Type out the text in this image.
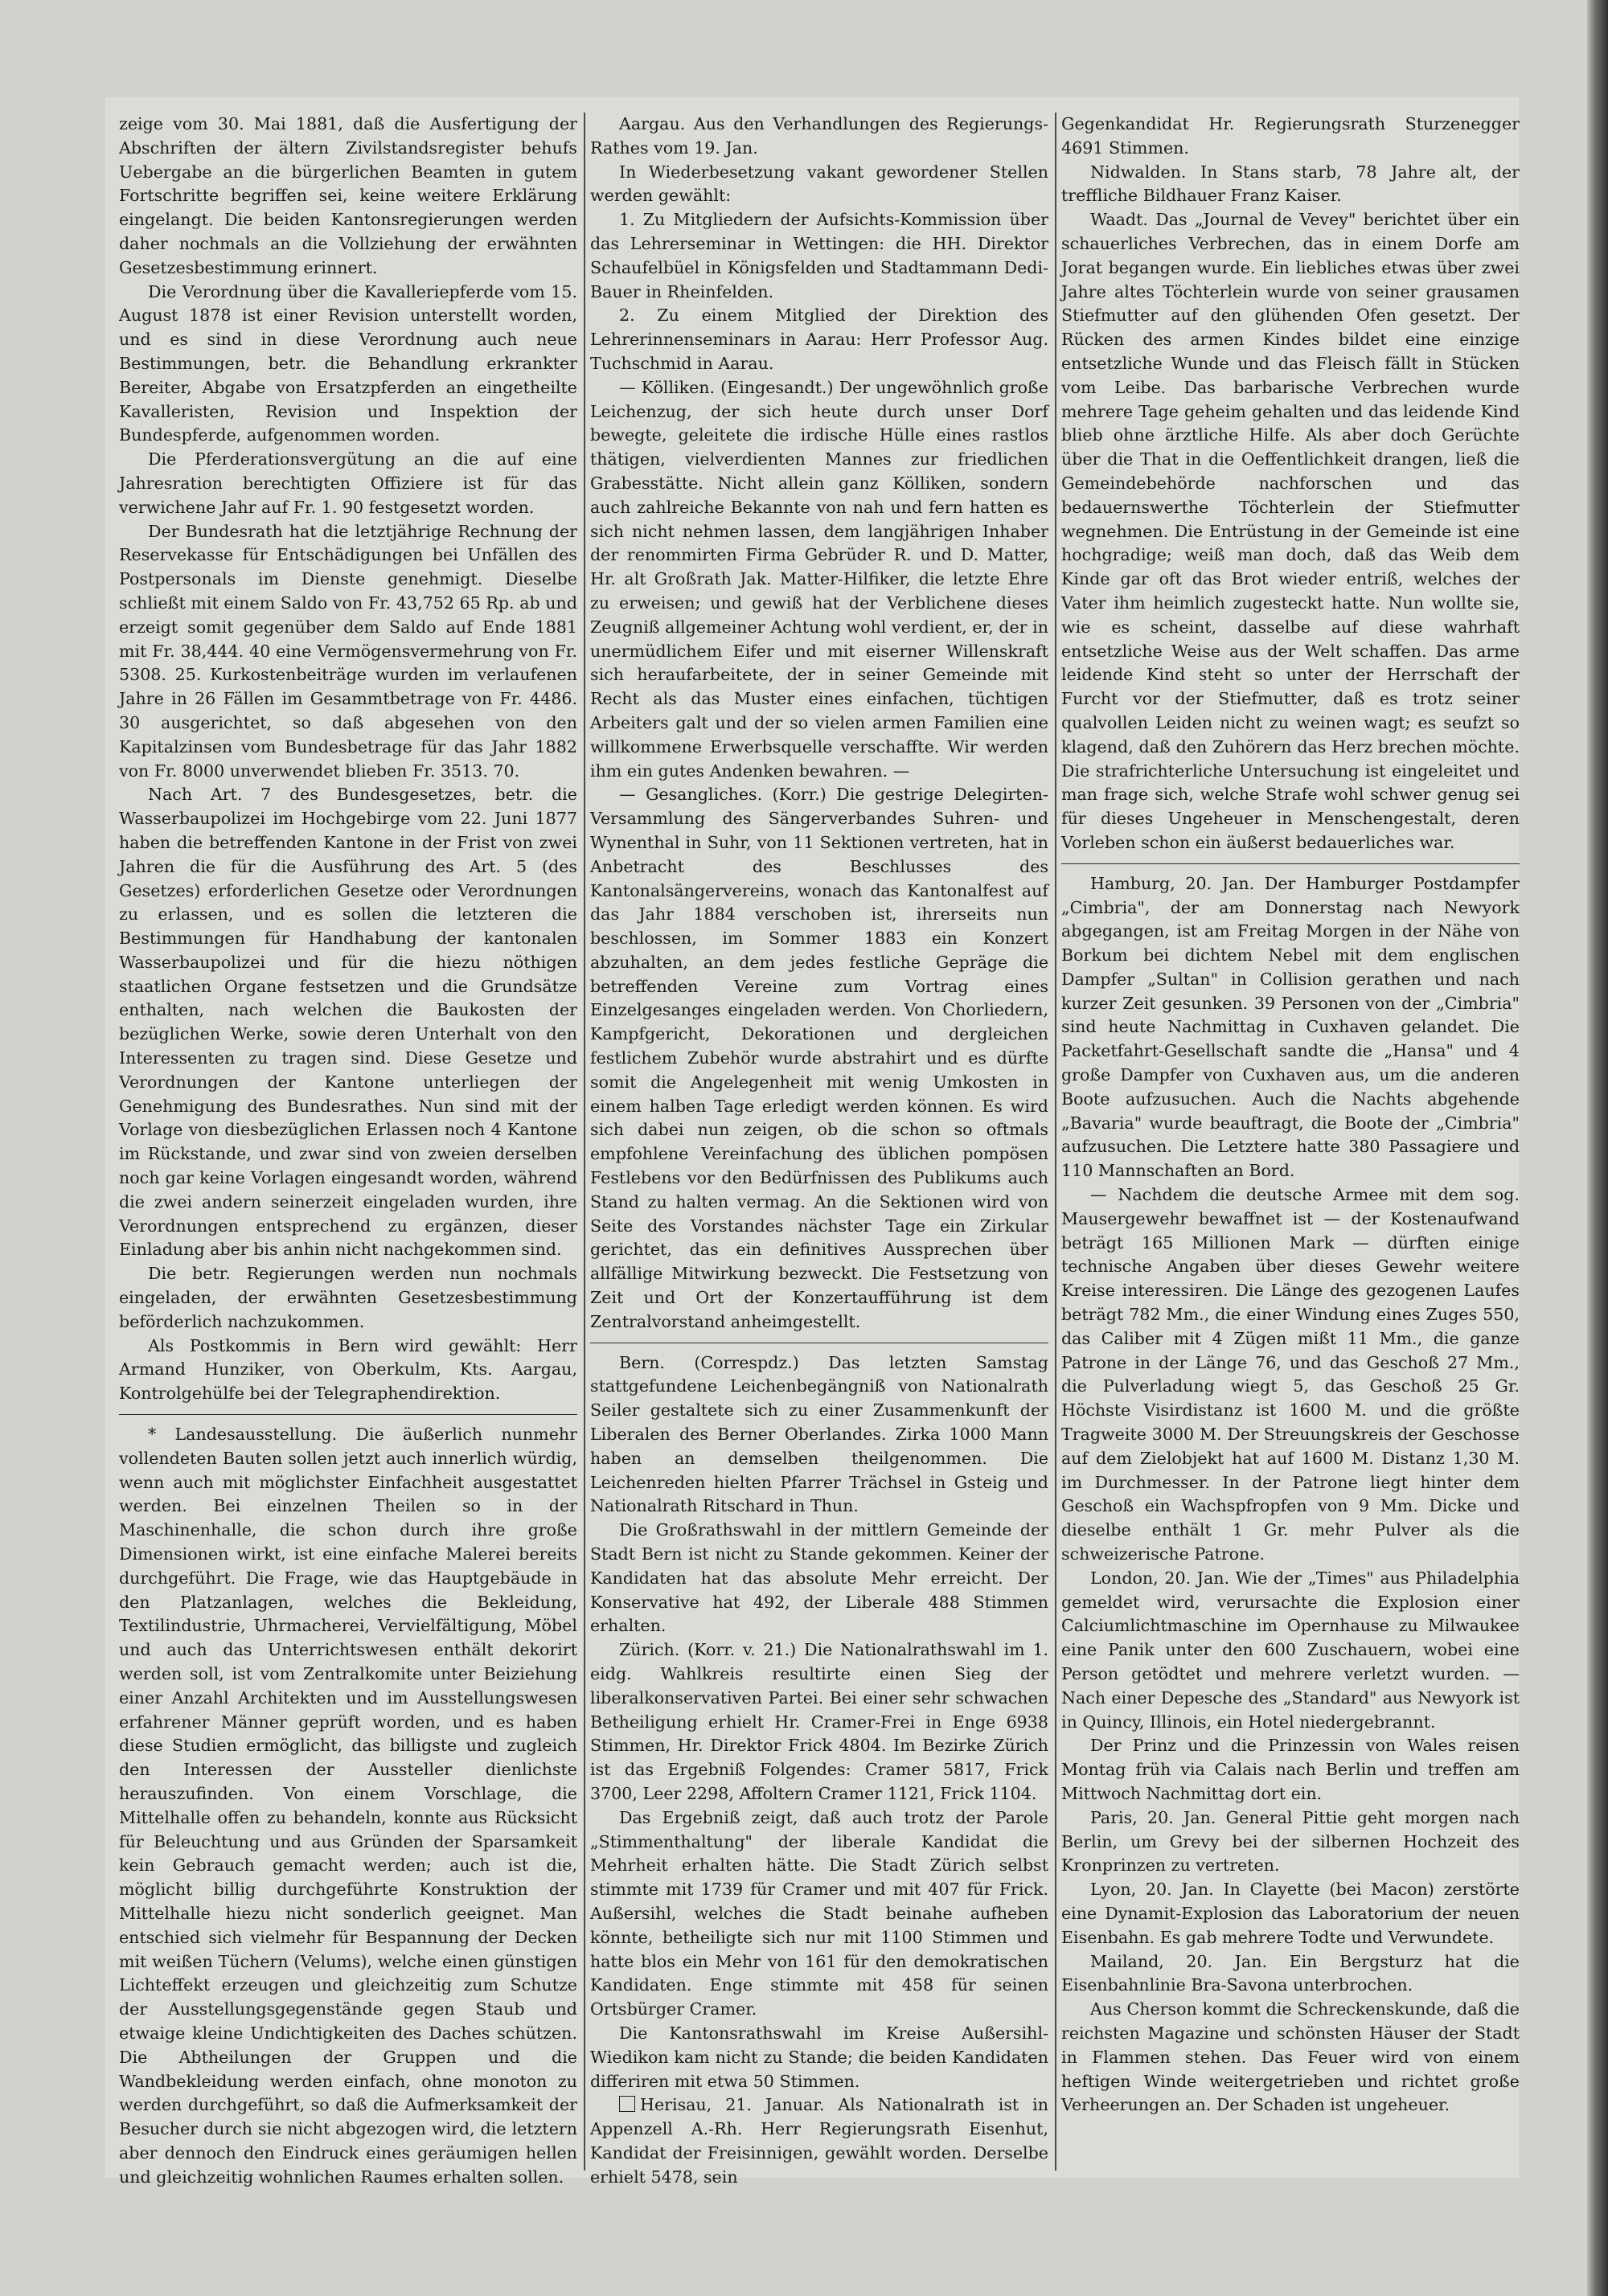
zeige vom 30. Mai 1881, daß die Ausfertigung der Abschriften der ältern Zivilstandsregister behufs Uebergabe an die bürgerlichen Beamten in gutem Fortschritte begriffen sei, keine weitere Erklärung eingelangt. Die beiden Kantonsregierungen werden daher nochmals an die Vollziehung der erwähnten Gesetzesbestimmung erinnert.

Die Verordnung über die Kavalleriepferde vom 15. August 1878 ist einer Revision unterstellt worden, und es sind in diese Verordnung auch neue Bestimmungen, betr. die Behandlung erkrankter Bereiter, Abgabe von Ersatzpferden an eingetheilte Kavalleristen, Revision und Inspektion der Bundespferde, aufgenommen worden.

Die Pferderationsvergütung an die auf eine Jahresration berechtigten Offiziere ist für das verwichene Jahr auf Fr. 1. 90 festgesetzt worden.

Der Bundesrath hat die letztjährige Rechnung der Reservekasse für Entschädigungen bei Unfällen des Postpersonals im Dienste genehmigt. Dieselbe schließt mit einem Saldo von Fr. 43,752 65 Rp. ab und erzeigt somit gegenüber dem Saldo auf Ende 1881 mit Fr. 38,444. 40 eine Vermögensvermehrung von Fr. 5308. 25. Kurkostenbeiträge wurden im verlaufenen Jahre in 26 Fällen im Gesammtbetrage von Fr. 4486. 30 ausgerichtet, so daß abgesehen von den Kapitalzinsen vom Bundesbetrage für das Jahr 1882 von Fr. 8000 unverwendet blieben Fr. 3513. 70.

Nach Art. 7 des Bundesgesetzes, betr. die Wasserbaupolizei im Hochgebirge vom 22. Juni 1877 haben die betreffenden Kantone in der Frist von zwei Jahren die für die Ausführung des Art. 5 (des Gesetzes) erforderlichen Gesetze oder Verordnungen zu erlassen, und es sollen die letzteren die Bestimmungen für Handhabung der kantonalen Wasserbaupolizei und für die hiezu nöthigen staatlichen Organe festsetzen und die Grundsätze enthalten, nach welchen die Baukosten der bezüglichen Werke, sowie deren Unterhalt von den Interessenten zu tragen sind. Diese Gesetze und Verordnungen der Kantone unterliegen der Genehmigung des Bundesrathes. Nun sind mit der Vorlage von diesbezüglichen Erlassen noch 4 Kantone im Rückstande, und zwar sind von zweien derselben noch gar keine Vorlagen eingesandt worden, während die zwei andern seinerzeit eingeladen wurden, ihre Verordnungen entsprechend zu ergänzen, dieser Einladung aber bis anhin nicht nachgekommen sind.

Die betr. Regierungen werden nun nochmals eingeladen, der erwähnten Gesetzesbestimmung beförderlich nachzukommen.

Als Postkommis in Bern wird gewählt: Herr Armand Hunziker, von Oberkulm, Kts. Aargau, Kontrolgehülfe bei der Telegraphendirektion.

* Landesausstellung. Die äußerlich nunmehr vollendeten Bauten sollen jetzt auch innerlich würdig, wenn auch mit möglichster Einfachheit ausgestattet werden. Bei einzelnen Theilen so in der Maschinenhalle, die schon durch ihre große Dimensionen wirkt, ist eine einfache Malerei bereits durchgeführt. Die Frage, wie das Hauptgebäude in den Platzanlagen, welches die Bekleidung, Textilindustrie, Uhrmacherei, Vervielfältigung, Möbel und auch das Unterrichtswesen enthält dekorirt werden soll, ist vom Zentralkomite unter Beiziehung einer Anzahl Architekten und im Ausstellungswesen erfahrener Männer geprüft worden, und es haben diese Studien ermöglicht, das billigste und zugleich den Interessen der Aussteller dienlichste herauszufinden. Von einem Vorschlage, die Mittelhalle offen zu behandeln, konnte aus Rücksicht für Beleuchtung und aus Gründen der Sparsamkeit kein Gebrauch gemacht werden; auch ist die, möglicht billig durchgeführte Konstruktion der Mittelhalle hiezu nicht sonderlich geeignet. Man entschied sich vielmehr für Bespannung der Decken mit weißen Tüchern (Velums), welche einen günstigen Lichteffekt erzeugen und gleichzeitig zum Schutze der Ausstellungsgegenstände gegen Staub und etwaige kleine Undichtigkeiten des Daches schützen. Die Abtheilungen der Gruppen und die Wandbekleidung werden einfach, ohne monoton zu werden durchgeführt, so daß die Aufmerksamkeit der Besucher durch sie nicht abgezogen wird, die letztern aber dennoch den Eindruck eines geräumigen hellen und gleichzeitig wohnlichen Raumes erhalten sollen.

Aargau. Aus den Verhandlungen des Regierungs-Rathes vom 19. Jan.

In Wiederbesetzung vakant gewordener Stellen werden gewählt:

1. Zu Mitgliedern der Aufsichts-Kommission über das Lehrerseminar in Wettingen: die HH. Direktor Schaufelbüel in Königsfelden und Stadtammann Dedi-Bauer in Rheinfelden.

2. Zu einem Mitglied der Direktion des Lehrerinnenseminars in Aarau: Herr Professor Aug. Tuchschmid in Aarau.

— Kölliken. (Eingesandt.) Der ungewöhnlich große Leichenzug, der sich heute durch unser Dorf bewegte, geleitete die irdische Hülle eines rastlos thätigen, vielverdienten Mannes zur friedlichen Grabesstätte. Nicht allein ganz Kölliken, sondern auch zahlreiche Bekannte von nah und fern hatten es sich nicht nehmen lassen, dem langjährigen Inhaber der renommirten Firma Gebrüder R. und D. Matter, Hr. alt Großrath Jak. Matter-Hilfiker, die letzte Ehre zu erweisen; und gewiß hat der Verblichene dieses Zeugniß allgemeiner Achtung wohl verdient, er, der in unermüdlichem Eifer und mit eiserner Willenskraft sich heraufarbeitete, der in seiner Gemeinde mit Recht als das Muster eines einfachen, tüchtigen Arbeiters galt und der so vielen armen Familien eine willkommene Erwerbsquelle verschaffte. Wir werden ihm ein gutes Andenken bewahren. —

— Gesangliches. (Korr.) Die gestrige Delegirten-Versammlung des Sängerverbandes Suhren- und Wynenthal in Suhr, von 11 Sektionen vertreten, hat in Anbetracht des Beschlusses des Kantonalsängervereins, wonach das Kantonalfest auf das Jahr 1884 verschoben ist, ihrerseits nun beschlossen, im Sommer 1883 ein Konzert abzuhalten, an dem jedes festliche Gepräge die betreffenden Vereine zum Vortrag eines Einzelgesanges eingeladen werden. Von Chorliedern, Kampfgericht, Dekorationen und dergleichen festlichem Zubehör wurde abstrahirt und es dürfte somit die Angelegenheit mit wenig Umkosten in einem halben Tage erledigt werden können. Es wird sich dabei nun zeigen, ob die schon so oftmals empfohlene Vereinfachung des üblichen pompösen Festlebens vor den Bedürfnissen des Publikums auch Stand zu halten vermag. An die Sektionen wird von Seite des Vorstandes nächster Tage ein Zirkular gerichtet, das ein definitives Aussprechen über allfällige Mitwirkung bezweckt. Die Festsetzung von Zeit und Ort der Konzertaufführung ist dem Zentralvorstand anheimgestellt.

Bern. (Correspdz.) Das letzten Samstag stattgefundene Leichenbegängniß von Nationalrath Seiler gestaltete sich zu einer Zusammenkunft der Liberalen des Berner Oberlandes. Zirka 1000 Mann haben an demselben theilgenommen. Die Leichenreden hielten Pfarrer Trächsel in Gsteig und Nationalrath Ritschard in Thun.

Die Großrathswahl in der mittlern Gemeinde der Stadt Bern ist nicht zu Stande gekommen. Keiner der Kandidaten hat das absolute Mehr erreicht. Der Konservative hat 492, der Liberale 488 Stimmen erhalten.

Zürich. (Korr. v. 21.) Die Nationalrathswahl im 1. eidg. Wahlkreis resultirte einen Sieg der liberalkonservativen Partei. Bei einer sehr schwachen Betheiligung erhielt Hr. Cramer-Frei in Enge 6938 Stimmen, Hr. Direktor Frick 4804. Im Bezirke Zürich ist das Ergebniß Folgendes: Cramer 5817, Frick 3700, Leer 2298, Affoltern Cramer 1121, Frick 1104.

Das Ergebniß zeigt, daß auch trotz der Parole „Stimmenthaltung" der liberale Kandidat die Mehrheit erhalten hätte. Die Stadt Zürich selbst stimmte mit 1739 für Cramer und mit 407 für Frick. Außersihl, welches die Stadt beinahe aufheben könnte, betheiligte sich nur mit 1100 Stimmen und hatte blos ein Mehr von 161 für den demokratischen Kandidaten. Enge stimmte mit 458 für seinen Ortsbürger Cramer.

Die Kantonsrathswahl im Kreise Außersihl-Wiedikon kam nicht zu Stande; die beiden Kandidaten differiren mit etwa 50 Stimmen.

Herisau, 21. Januar. Als Nationalrath ist in Appenzell A.-Rh. Herr Regierungsrath Eisenhut, Kandidat der Freisinnigen, gewählt worden. Derselbe erhielt 5478, sein

Gegenkandidat Hr. Regierungsrath Sturzenegger 4691 Stimmen.

Nidwalden. In Stans starb, 78 Jahre alt, der treffliche Bildhauer Franz Kaiser.

Waadt. Das „Journal de Vevey" berichtet über ein schauerliches Verbrechen, das in einem Dorfe am Jorat begangen wurde. Ein liebliches etwas über zwei Jahre altes Töchterlein wurde von seiner grausamen Stiefmutter auf den glühenden Ofen gesetzt. Der Rücken des armen Kindes bildet eine einzige entsetzliche Wunde und das Fleisch fällt in Stücken vom Leibe. Das barbarische Verbrechen wurde mehrere Tage geheim gehalten und das leidende Kind blieb ohne ärztliche Hilfe. Als aber doch Gerüchte über die That in die Oeffentlichkeit drangen, ließ die Gemeindebehörde nachforschen und das bedauernswerthe Töchterlein der Stiefmutter wegnehmen. Die Entrüstung in der Gemeinde ist eine hochgradige; weiß man doch, daß das Weib dem Kinde gar oft das Brot wieder entriß, welches der Vater ihm heimlich zugesteckt hatte. Nun wollte sie, wie es scheint, dasselbe auf diese wahrhaft entsetzliche Weise aus der Welt schaffen. Das arme leidende Kind steht so unter der Herrschaft der Furcht vor der Stiefmutter, daß es trotz seiner qualvollen Leiden nicht zu weinen wagt; es seufzt so klagend, daß den Zuhörern das Herz brechen möchte. Die strafrichterliche Untersuchung ist eingeleitet und man frage sich, welche Strafe wohl schwer genug sei für dieses Ungeheuer in Menschengestalt, deren Vorleben schon ein äußerst bedauerliches war.

Hamburg, 20. Jan. Der Hamburger Postdampfer „Cimbria", der am Donnerstag nach Newyork abgegangen, ist am Freitag Morgen in der Nähe von Borkum bei dichtem Nebel mit dem englischen Dampfer „Sultan" in Collision gerathen und nach kurzer Zeit gesunken. 39 Personen von der „Cimbria" sind heute Nachmittag in Cuxhaven gelandet. Die Packetfahrt-Gesellschaft sandte die „Hansa" und 4 große Dampfer von Cuxhaven aus, um die anderen Boote aufzusuchen. Auch die Nachts abgehende „Bavaria" wurde beauftragt, die Boote der „Cimbria" aufzusuchen. Die Letztere hatte 380 Passagiere und 110 Mannschaften an Bord.

— Nachdem die deutsche Armee mit dem sog. Mausergewehr bewaffnet ist — der Kostenaufwand beträgt 165 Millionen Mark — dürften einige technische Angaben über dieses Gewehr weitere Kreise interessiren. Die Länge des gezogenen Laufes beträgt 782 Mm., die einer Windung eines Zuges 550, das Caliber mit 4 Zügen mißt 11 Mm., die ganze Patrone in der Länge 76, und das Geschoß 27 Mm., die Pulverladung wiegt 5, das Geschoß 25 Gr. Höchste Visirdistanz ist 1600 M. und die größte Tragweite 3000 M. Der Streuungskreis der Geschosse auf dem Zielobjekt hat auf 1600 M. Distanz 1,30 M. im Durchmesser. In der Patrone liegt hinter dem Geschoß ein Wachspfropfen von 9 Mm. Dicke und dieselbe enthält 1 Gr. mehr Pulver als die schweizerische Patrone.

London, 20. Jan. Wie der „Times" aus Philadelphia gemeldet wird, verursachte die Explosion einer Calciumlichtmaschine im Opernhause zu Milwaukee eine Panik unter den 600 Zuschauern, wobei eine Person getödtet und mehrere verletzt wurden. — Nach einer Depesche des „Standard" aus Newyork ist in Quincy, Illinois, ein Hotel niedergebrannt.

Der Prinz und die Prinzessin von Wales reisen Montag früh via Calais nach Berlin und treffen am Mittwoch Nachmittag dort ein.

Paris, 20. Jan. General Pittie geht morgen nach Berlin, um Grevy bei der silbernen Hochzeit des Kronprinzen zu vertreten.

Lyon, 20. Jan. In Clayette (bei Macon) zerstörte eine Dynamit-Explosion das Laboratorium der neuen Eisenbahn. Es gab mehrere Todte und Verwundete.

Mailand, 20. Jan. Ein Bergsturz hat die Eisenbahnlinie Bra-Savona unterbrochen.

Aus Cherson kommt die Schreckenskunde, daß die reichsten Magazine und schönsten Häuser der Stadt in Flammen stehen. Das Feuer wird von einem heftigen Winde weitergetrieben und richtet große Verheerungen an. Der Schaden ist ungeheuer.
